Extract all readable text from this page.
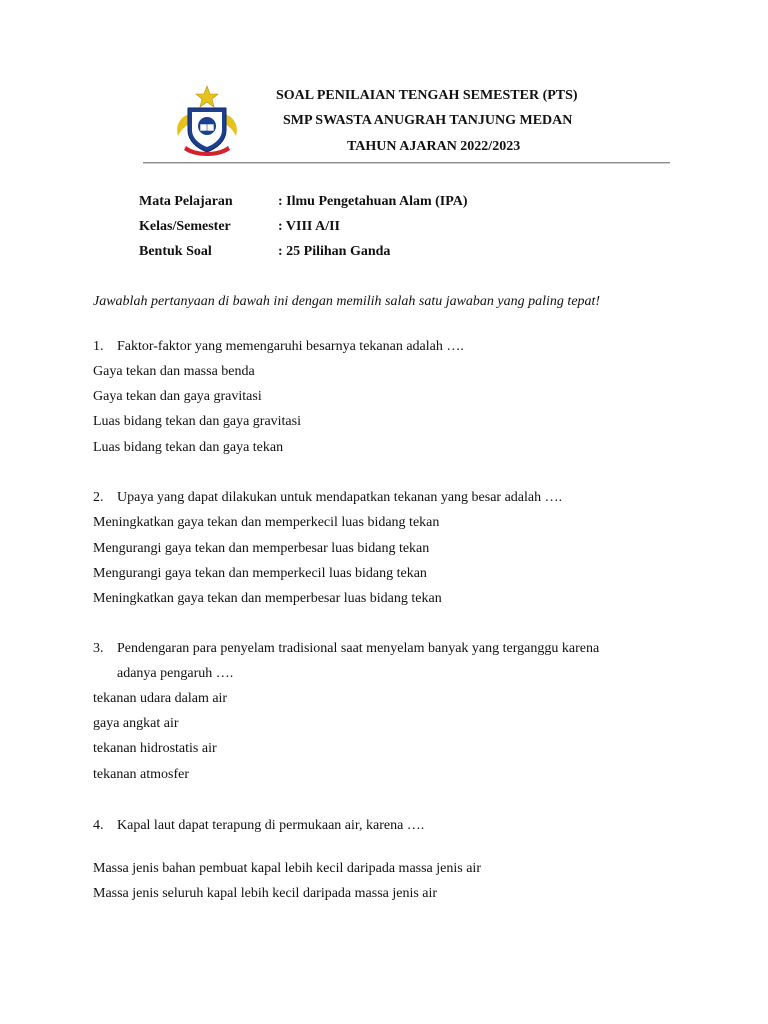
SOAL PENILAIAN TENGAH SEMESTER (PTS)
SMP SWASTA ANUGRAH TANJUNG MEDAN
TAHUN AJARAN 2022/2023
Mata Pelajaran	: Ilmu Pengetahuan Alam (IPA)
Kelas/Semester	: VIII A/II
Bentuk Soal	: 25 Pilihan Ganda
Jawablah pertanyaan di bawah ini dengan memilih salah satu jawaban yang paling tepat!
1. Faktor-faktor yang memengaruhi besarnya tekanan adalah ….
Gaya tekan dan massa benda
Gaya tekan dan gaya gravitasi
Luas bidang tekan dan gaya gravitasi
Luas bidang tekan dan gaya tekan
2. Upaya yang dapat dilakukan untuk mendapatkan tekanan yang besar adalah ….
Meningkatkan gaya tekan dan memperkecil luas bidang tekan
Mengurangi gaya tekan dan memperbesar luas bidang tekan
Mengurangi gaya tekan dan memperkecil luas bidang tekan
Meningkatkan gaya tekan dan memperbesar luas bidang tekan
3. Pendengaran para penyelam tradisional saat menyelam banyak yang terganggu karena
adanya pengaruh ….
tekanan udara dalam air
gaya angkat air
tekanan hidrostatis air
tekanan atmosfer
4. Kapal laut dapat terapung di permukaan air, karena ….
Massa jenis bahan pembuat kapal lebih kecil daripada massa jenis air
Massa jenis seluruh kapal lebih kecil daripada massa jenis air
